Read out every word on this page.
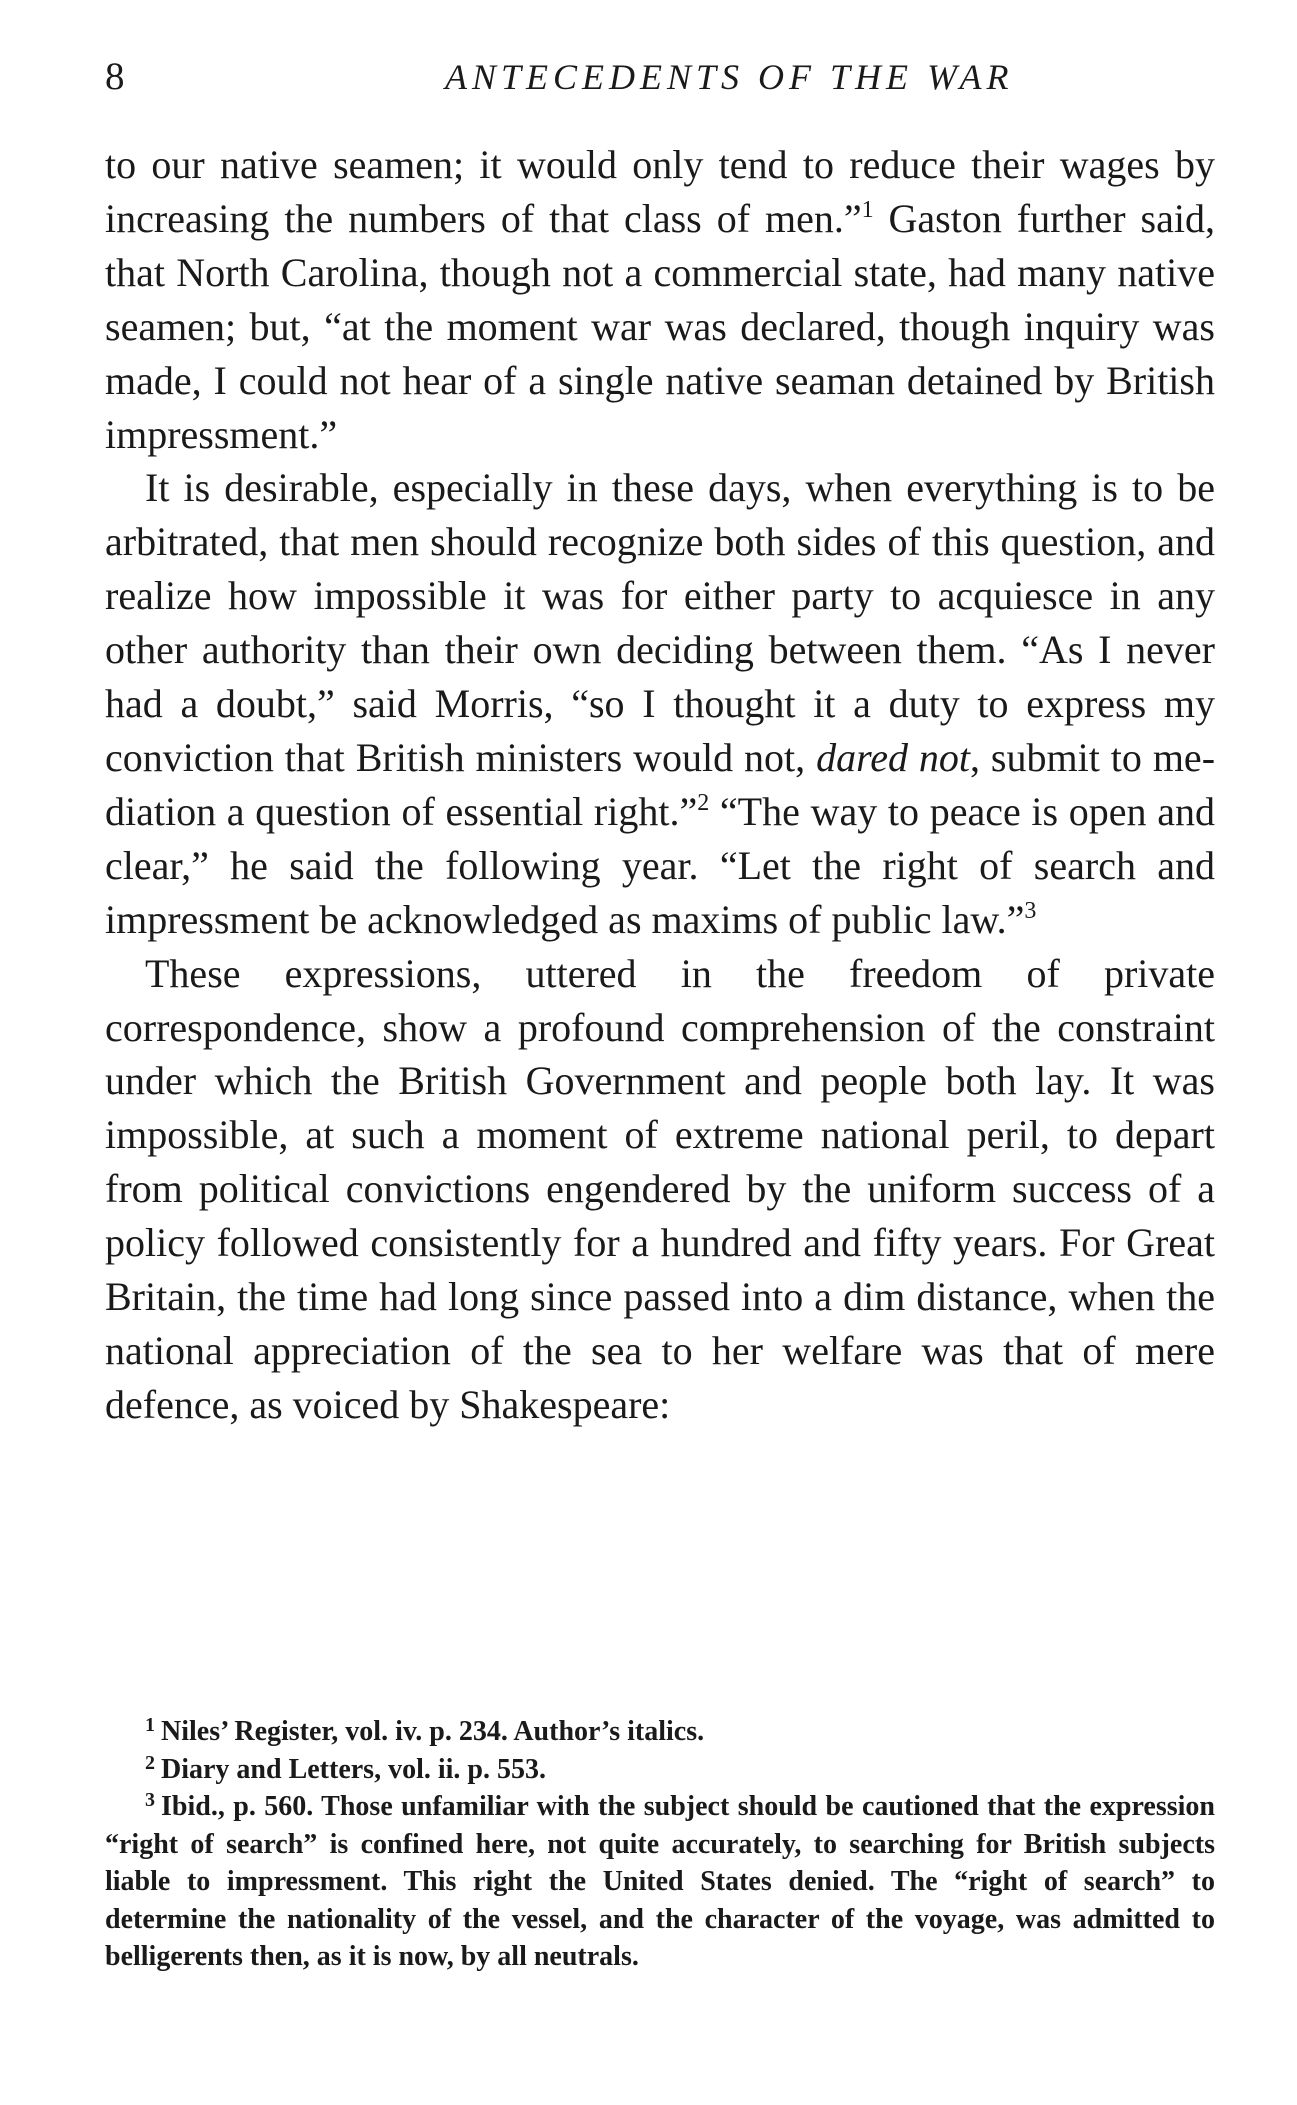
8	ANTECEDENTS OF THE WAR

to our native seamen; it would only tend to reduce their wages by increasing the numbers of that class of men.”$^1$ Gaston further said, that North Carolina, though not a commercial state, had many native seamen; but, “at the moment war was declared, though inquiry was made, I could not hear of a single native seaman detained by British impressment.”

It is desirable, especially in these days, when everything is to be arbitrated, that men should recognize both sides of this question, and realize how impossible it was for either party to acquiesce in any other authority than their own deciding between them. “As I never had a doubt,” said Morris, “so I thought it a duty to express my conviction that British ministers would not, dared not, submit to mediation a question of essential right.”$^2$ “The way to peace is open and clear,” he said the following year. “Let the right of search and impressment be acknowledged as maxims of public law.”$^3$

These expressions, uttered in the freedom of private correspondence, show a profound comprehension of the constraint under which the British Government and people both lay. It was impossible, at such a moment of extreme national peril, to depart from political convictions engendered by the uniform success of a policy followed consistently for a hundred and fifty years. For Great Britain, the time had long since passed into a dim distance, when the national appreciation of the sea to her welfare was that of mere defence, as voiced by Shakespeare:

$^1$ Niles’ Register, vol. iv. p. 234. Author’s italics.

$^2$ Diary and Letters, vol. ii. p. 553.

$^3$ Ibid., p. 560. Those unfamiliar with the subject should be cautioned that the expression “right of search” is confined here, not quite accurately, to searching for British subjects liable to impressment. This right the United States denied. The “right of search” to determine the nationality of the vessel, and the character of the voyage, was admitted to belligerents then, as it is now, by all neutrals.
